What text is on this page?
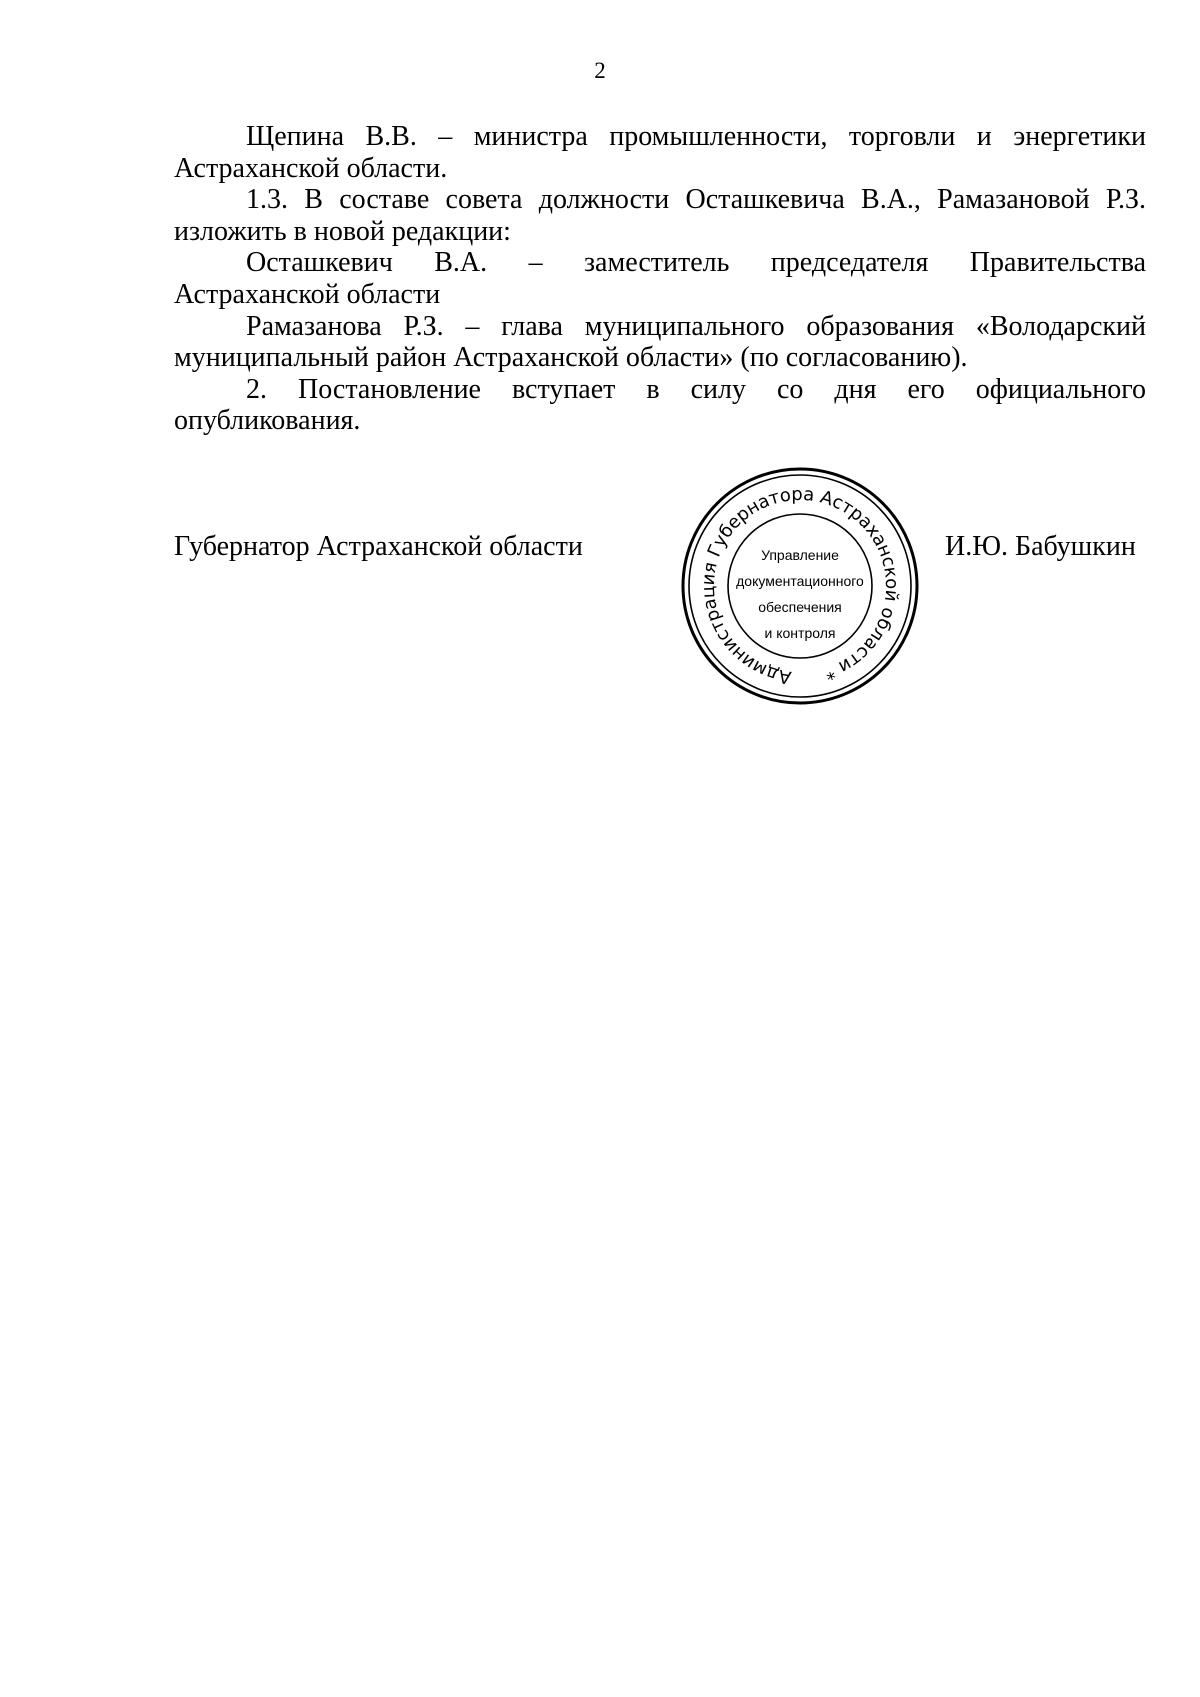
2

Щепина В.В. – министра промышленности, торговли и энергетики Астраханской области.

1.3. В составе совета должности Осташкевича В.А., Рамазановой Р.З. изложить в новой редакции:

Осташкевич В.А. – заместитель председателя Правительства Астраханской области

Рамазанова Р.З. – глава муниципального образования «Володарский муниципальный район Астраханской области» (по согласованию).

2. Постановление вступает в силу со дня его официального опубликования.

Губернатор Астраханской области
Администрация Губернатора Астраханской области *
Управление
документационного
обеспечения
и контроля
И.Ю. Бабушкин
